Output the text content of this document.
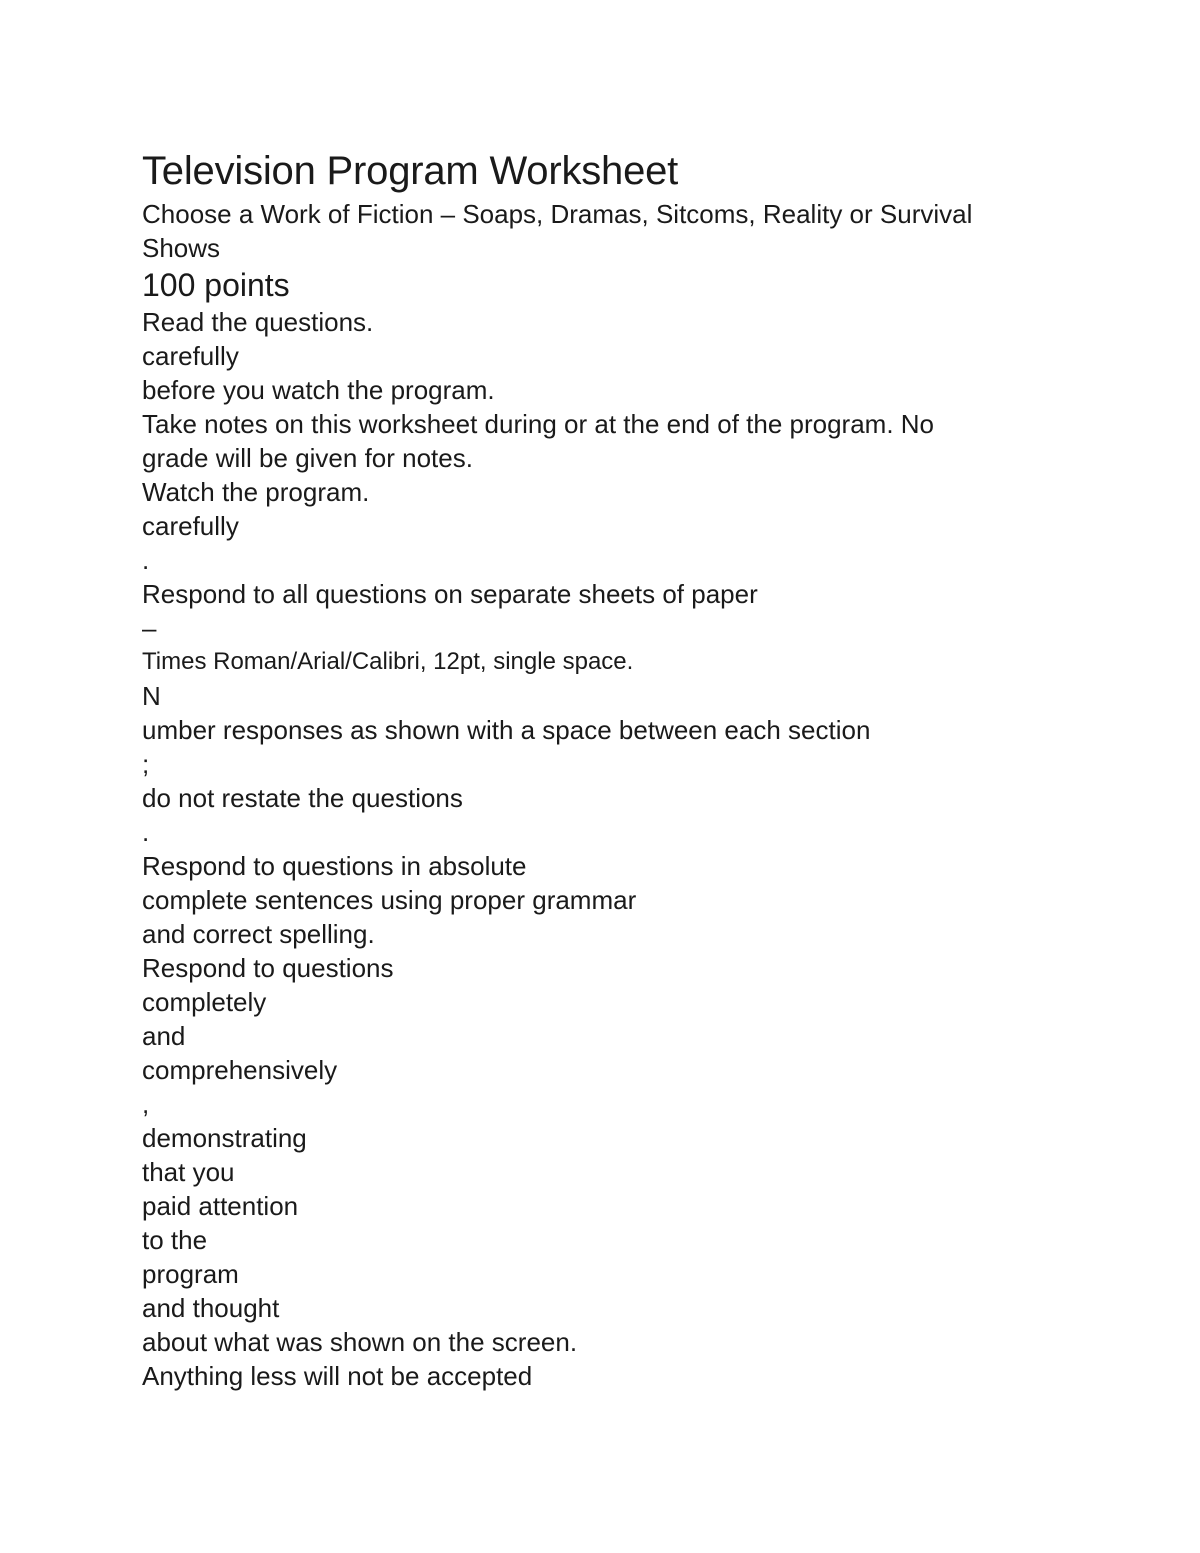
Television Program Worksheet

Choose a Work of Fiction – Soaps, Dramas, Sitcoms, Reality or Survival Shows

100 points

Read the questions.
carefully
before you watch the program.
Take notes on this worksheet during or at the end of the program. No
grade will be given for notes.
Watch the program.
carefully
.
Respond to all questions on separate sheets of paper
–
Times Roman/Arial/Calibri, 12pt, single space.
N
umber responses as shown with a space between each section
;
do not restate the questions
.
Respond to questions in absolute
complete sentences using proper grammar
and correct spelling.
Respond to questions
completely
and
comprehensively
,
demonstrating
that you
paid attention
to the
program
and thought
about what was shown on the screen.
Anything less will not be accepted
